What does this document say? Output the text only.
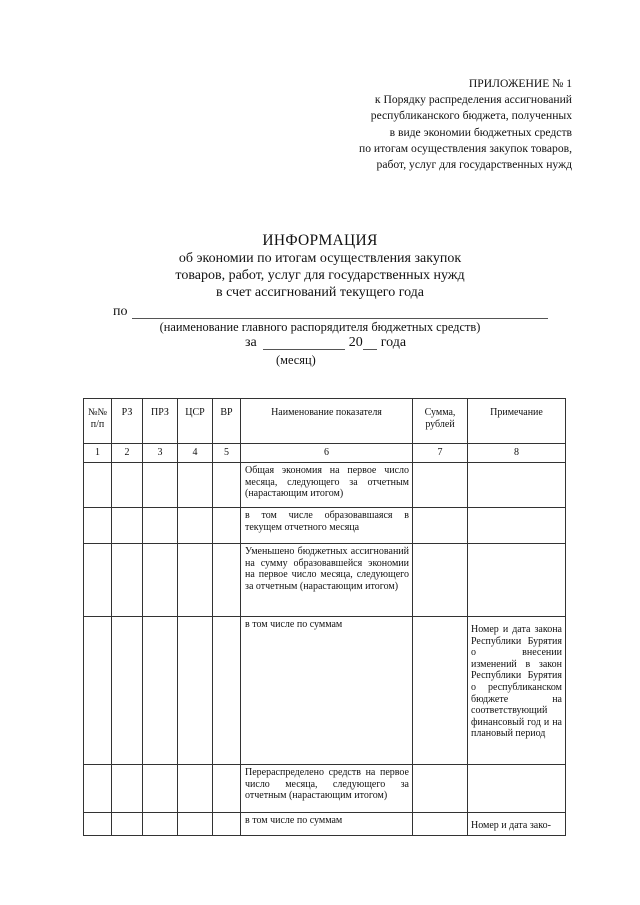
ПРИЛОЖЕНИЕ № 1
к Порядку распределения ассигнований
республиканского бюджета, полученных
в виде экономии бюджетных средств
по итогам осуществления закупок товаров,
работ, услуг для государственных нужд
ИНФОРМАЦИЯ
об экономии по итогам осуществления закупок
товаров, работ, услуг для государственных нужд
в счет ассигнований текущего года
по
(наименование главного распорядителя бюджетных средств)
за	20 года
(месяц)
№№ п/п	РЗ	ПРЗ	ЦСР	ВР	Наименование показателя	Сумма, рублей	Примечание
1	2	3	4	5	6	7	8
					Общая экономия на первое число месяца, следующего за отчетным (нарастающим итогом)		
					в том числе образовавшаяся в текущем отчетного месяца		
					Уменьшено бюджетных ассигнований на сумму образовавшейся экономии на первое число месяца, следующего за отчетным (нарастающим итогом)		
					в том числе по суммам		Номер и дата закона Республики Бурятия о внесении изменений в закон Республики Бурятия о республиканском бюджете на соответствующий финансовый год и на плановый период
					Перераспределено средств на первое число месяца, следующего за отчетным (нарастающим итогом)		
					в том числе по суммам		Номер и дата зако-
